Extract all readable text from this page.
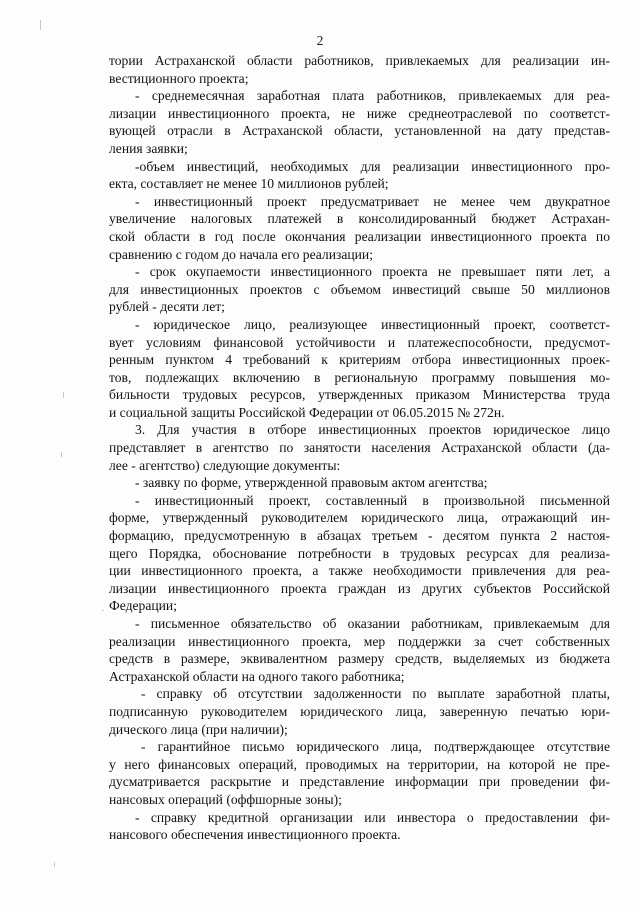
2
тории Астраханской области работников, привлекаемых для реализации ин-
вестиционного проекта;
- среднемесячная заработная плата работников, привлекаемых для реа-
лизации инвестиционного проекта, не ниже среднеотраслевой по соответст-
вующей отрасли в Астраханской области, установленной на дату представ-
ления заявки;
-объем инвестиций, необходимых для реализации инвестиционного про-
екта, составляет не менее 10 миллионов рублей;
- инвестиционный проект предусматривает не менее чем двукратное
увеличение налоговых платежей в консолидированный бюджет Астрахан-
ской области в год после окончания реализации инвестиционного проекта по
сравнению с годом до начала его реализации;
- срок окупаемости инвестиционного проекта не превышает пяти лет, а
для инвестиционных проектов с объемом инвестиций свыше 50 миллионов
рублей - десяти лет;
- юридическое лицо, реализующее инвестиционный проект, соответст-
вует условиям финансовой устойчивости и платежеспособности, предусмот-
ренным пунктом 4 требований к критериям отбора инвестиционных проек-
тов, подлежащих включению в региональную программу повышения мо-
бильности трудовых ресурсов, утвержденных приказом Министерства труда
и социальной защиты Российской Федерации от 06.05.2015 № 272н.
3. Для участия в отборе инвестиционных проектов юридическое лицо
представляет в агентство по занятости населения Астраханской области (да-
лее - агентство) следующие документы:
- заявку по форме, утвержденной правовым актом агентства;
- инвестиционный проект, составленный в произвольной письменной
форме, утвержденный руководителем юридического лица, отражающий ин-
формацию, предусмотренную в абзацах третьем - десятом пункта 2 настоя-
щего Порядка, обоснование потребности в трудовых ресурсах для реализа-
ции инвестиционного проекта, а также необходимости привлечения для реа-
лизации инвестиционного проекта граждан из других субъектов Российской
Федерации;
- письменное обязательство об оказании работникам, привлекаемым для
реализации инвестиционного проекта, мер поддержки за счет собственных
средств в размере, эквивалентном размеру средств, выделяемых из бюджета
Астраханской области на одного такого работника;
- справку об отсутствии задолженности по выплате заработной платы,
подписанную руководителем юридического лица, заверенную печатью юри-
дического лица (при наличии);
- гарантийное письмо юридического лица, подтверждающее отсутствие
у него финансовых операций, проводимых на территории, на которой не пре-
дусматривается раскрытие и представление информации при проведении фи-
нансовых операций (оффшорные зоны);
- справку кредитной организации или инвестора о предоставлении фи-
нансового обеспечения инвестиционного проекта.
